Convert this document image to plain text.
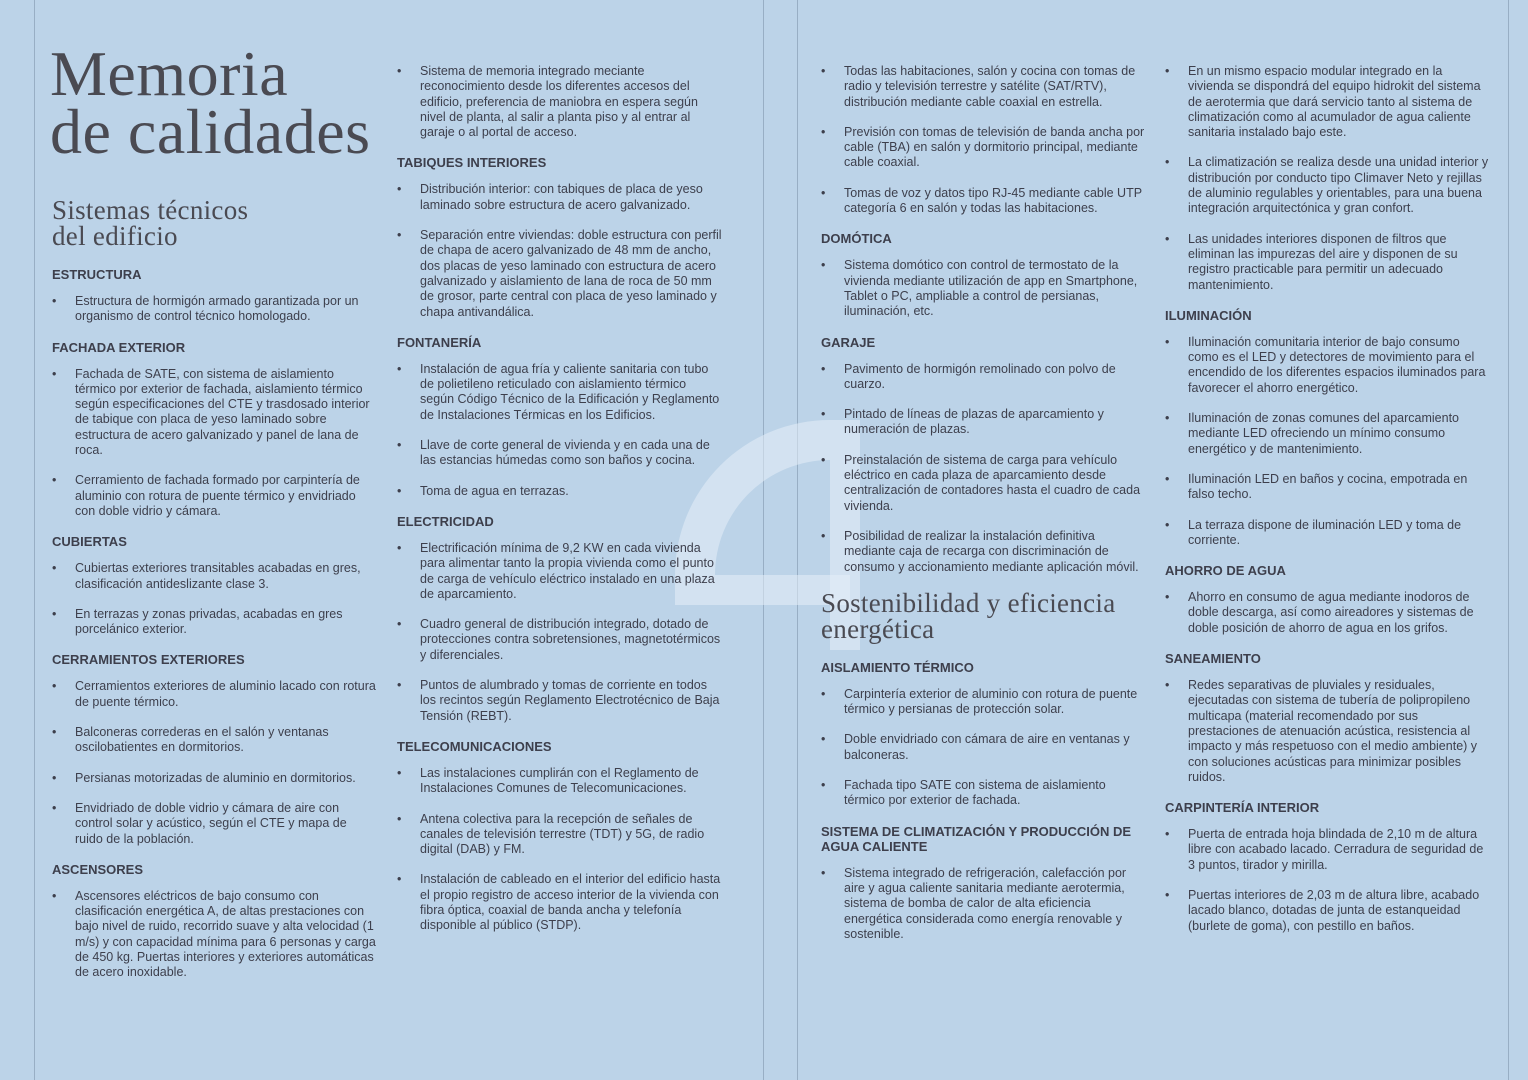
Memoria
de calidades
Sistemas técnicos
del edificio
ESTRUCTURA
• Estructura de hormigón armado garantizada por un organismo de control técnico homologado.
FACHADA EXTERIOR
• Fachada de SATE, con sistema de aislamiento térmico por exterior de fachada, aislamiento térmico según especificaciones del CTE y trasdosado interior de tabique con placa de yeso laminado sobre estructura de acero galvanizado y panel de lana de roca.
• Cerramiento de fachada formado por carpintería de aluminio con rotura de puente térmico y envidriado con doble vidrio y cámara.
CUBIERTAS
• Cubiertas exteriores transitables acabadas en gres, clasificación antideslizante clase 3.
• En terrazas y zonas privadas, acabadas en gres porcelánico exterior.
CERRAMIENTOS EXTERIORES
• Cerramientos exteriores de aluminio lacado con rotura de puente térmico.
• Balconeras correderas en el salón y ventanas oscilobatientes en dormitorios.
• Persianas motorizadas de aluminio en dormitorios.
• Envidriado de doble vidrio y cámara de aire con control solar y acústico, según el CTE y mapa de ruido de la población.
ASCENSORES
• Ascensores eléctricos de bajo consumo con clasificación energética A, de altas prestaciones con bajo nivel de ruido, recorrido suave y alta velocidad (1 m/s) y con capacidad mínima para 6 personas y carga de 450 kg. Puertas interiores y exteriores automáticas de acero inoxidable.
• Sistema de memoria integrado meciante reconocimiento desde los diferentes accesos del edificio, preferencia de maniobra en espera según nivel de planta, al salir a planta piso y al entrar al garaje o al portal de acceso.
TABIQUES INTERIORES
• Distribución interior: con tabiques de placa de yeso laminado sobre estructura de acero galvanizado.
• Separación entre viviendas: doble estructura con perfil de chapa de acero galvanizado de 48 mm de ancho, dos placas de yeso laminado con estructura de acero galvanizado y aislamiento de lana de roca de 50 mm de grosor, parte central con placa de yeso laminado y chapa antivandálica.
FONTANERÍA
• Instalación de agua fría y caliente sanitaria con tubo de polietileno reticulado con aislamiento térmico según Código Técnico de la Edificación y Reglamento de Instalaciones Térmicas en los Edificios.
• Llave de corte general de vivienda y en cada una de las estancias húmedas como son baños y cocina.
• Toma de agua en terrazas.
ELECTRICIDAD
• Electrificación mínima de 9,2 KW en cada vivienda para alimentar tanto la propia vivienda como el punto de carga de vehículo eléctrico instalado en una plaza de aparcamiento.
• Cuadro general de distribución integrado, dotado de protecciones contra sobretensiones, magnetotérmicos y diferenciales.
• Puntos de alumbrado y tomas de corriente en todos los recintos según Reglamento Electrotécnico de Baja Tensión (REBT).
TELECOMUNICACIONES
• Las instalaciones cumplirán con el Reglamento de Instalaciones Comunes de Telecomunicaciones.
• Antena colectiva para la recepción de señales de canales de televisión terrestre (TDT) y 5G, de radio digital (DAB) y FM.
• Instalación de cableado en el interior del edificio hasta el propio registro de acceso interior de la vivienda con fibra óptica, coaxial de banda ancha y telefonía disponible al público (STDP).
• Todas las habitaciones, salón y cocina con tomas de radio y televisión terrestre y satélite (SAT/RTV), distribución mediante cable coaxial en estrella.
• Previsión con tomas de televisión de banda ancha por cable (TBA) en salón y dormitorio principal, mediante cable coaxial.
• Tomas de voz y datos tipo RJ-45 mediante cable UTP categoría 6 en salón y todas las habitaciones.
DOMÓTICA
• Sistema domótico con control de termostato de la vivienda mediante utilización de app en Smartphone, Tablet o PC, ampliable a control de persianas, iluminación, etc.
GARAJE
• Pavimento de hormigón remolinado con polvo de cuarzo.
• Pintado de líneas de plazas de aparcamiento y numeración de plazas.
• Preinstalación de sistema de carga para vehículo eléctrico en cada plaza de aparcamiento desde centralización de contadores hasta el cuadro de cada vivienda.
• Posibilidad de realizar la instalación definitiva mediante caja de recarga con discriminación de consumo y accionamiento mediante aplicación móvil.
Sostenibilidad y eficiencia
energética
AISLAMIENTO TÉRMICO
• Carpintería exterior de aluminio con rotura de puente térmico y persianas de protección solar.
• Doble envidriado con cámara de aire en ventanas y balconeras.
• Fachada tipo SATE con sistema de aislamiento térmico por exterior de fachada.
SISTEMA DE CLIMATIZACIÓN Y PRODUCCIÓN DE AGUA CALIENTE
• Sistema integrado de refrigeración, calefacción por aire y agua caliente sanitaria mediante aerotermia, sistema de bomba de calor de alta eficiencia energética considerada como energía renovable y sostenible.
• En un mismo espacio modular integrado en la vivienda se dispondrá del equipo hidrokit del sistema de aerotermia que dará servicio tanto al sistema de climatización como al acumulador de agua caliente sanitaria instalado bajo este.
• La climatización se realiza desde una unidad interior y distribución por conducto tipo Climaver Neto y rejillas de aluminio regulables y orientables, para una buena integración arquitectónica y gran confort.
• Las unidades interiores disponen de filtros que eliminan las impurezas del aire y disponen de su registro practicable para permitir un adecuado mantenimiento.
ILUMINACIÓN
• Iluminación comunitaria interior de bajo consumo como es el LED y detectores de movimiento para el encendido de los diferentes espacios iluminados para favorecer el ahorro energético.
• Iluminación de zonas comunes del aparcamiento mediante LED ofreciendo un mínimo consumo energético y de mantenimiento.
• Iluminación LED en baños y cocina, empotrada en falso techo.
• La terraza dispone de iluminación LED y toma de corriente.
AHORRO DE AGUA
• Ahorro en consumo de agua mediante inodoros de doble descarga, así como aireadores y sistemas de doble posición de ahorro de agua en los grifos.
SANEAMIENTO
• Redes separativas de pluviales y residuales, ejecutadas con sistema de tubería de polipropileno multicapa (material recomendado por sus prestaciones de atenuación acústica, resistencia al impacto y más respetuoso con el medio ambiente) y con soluciones acústicas para minimizar posibles ruidos.
CARPINTERÍA INTERIOR
• Puerta de entrada hoja blindada de 2,10 m de altura libre con acabado lacado. Cerradura de seguridad de 3 puntos, tirador y mirilla.
• Puertas interiores de 2,03 m de altura libre, acabado lacado blanco, dotadas de junta de estanqueidad (burlete de goma), con pestillo en baños.
